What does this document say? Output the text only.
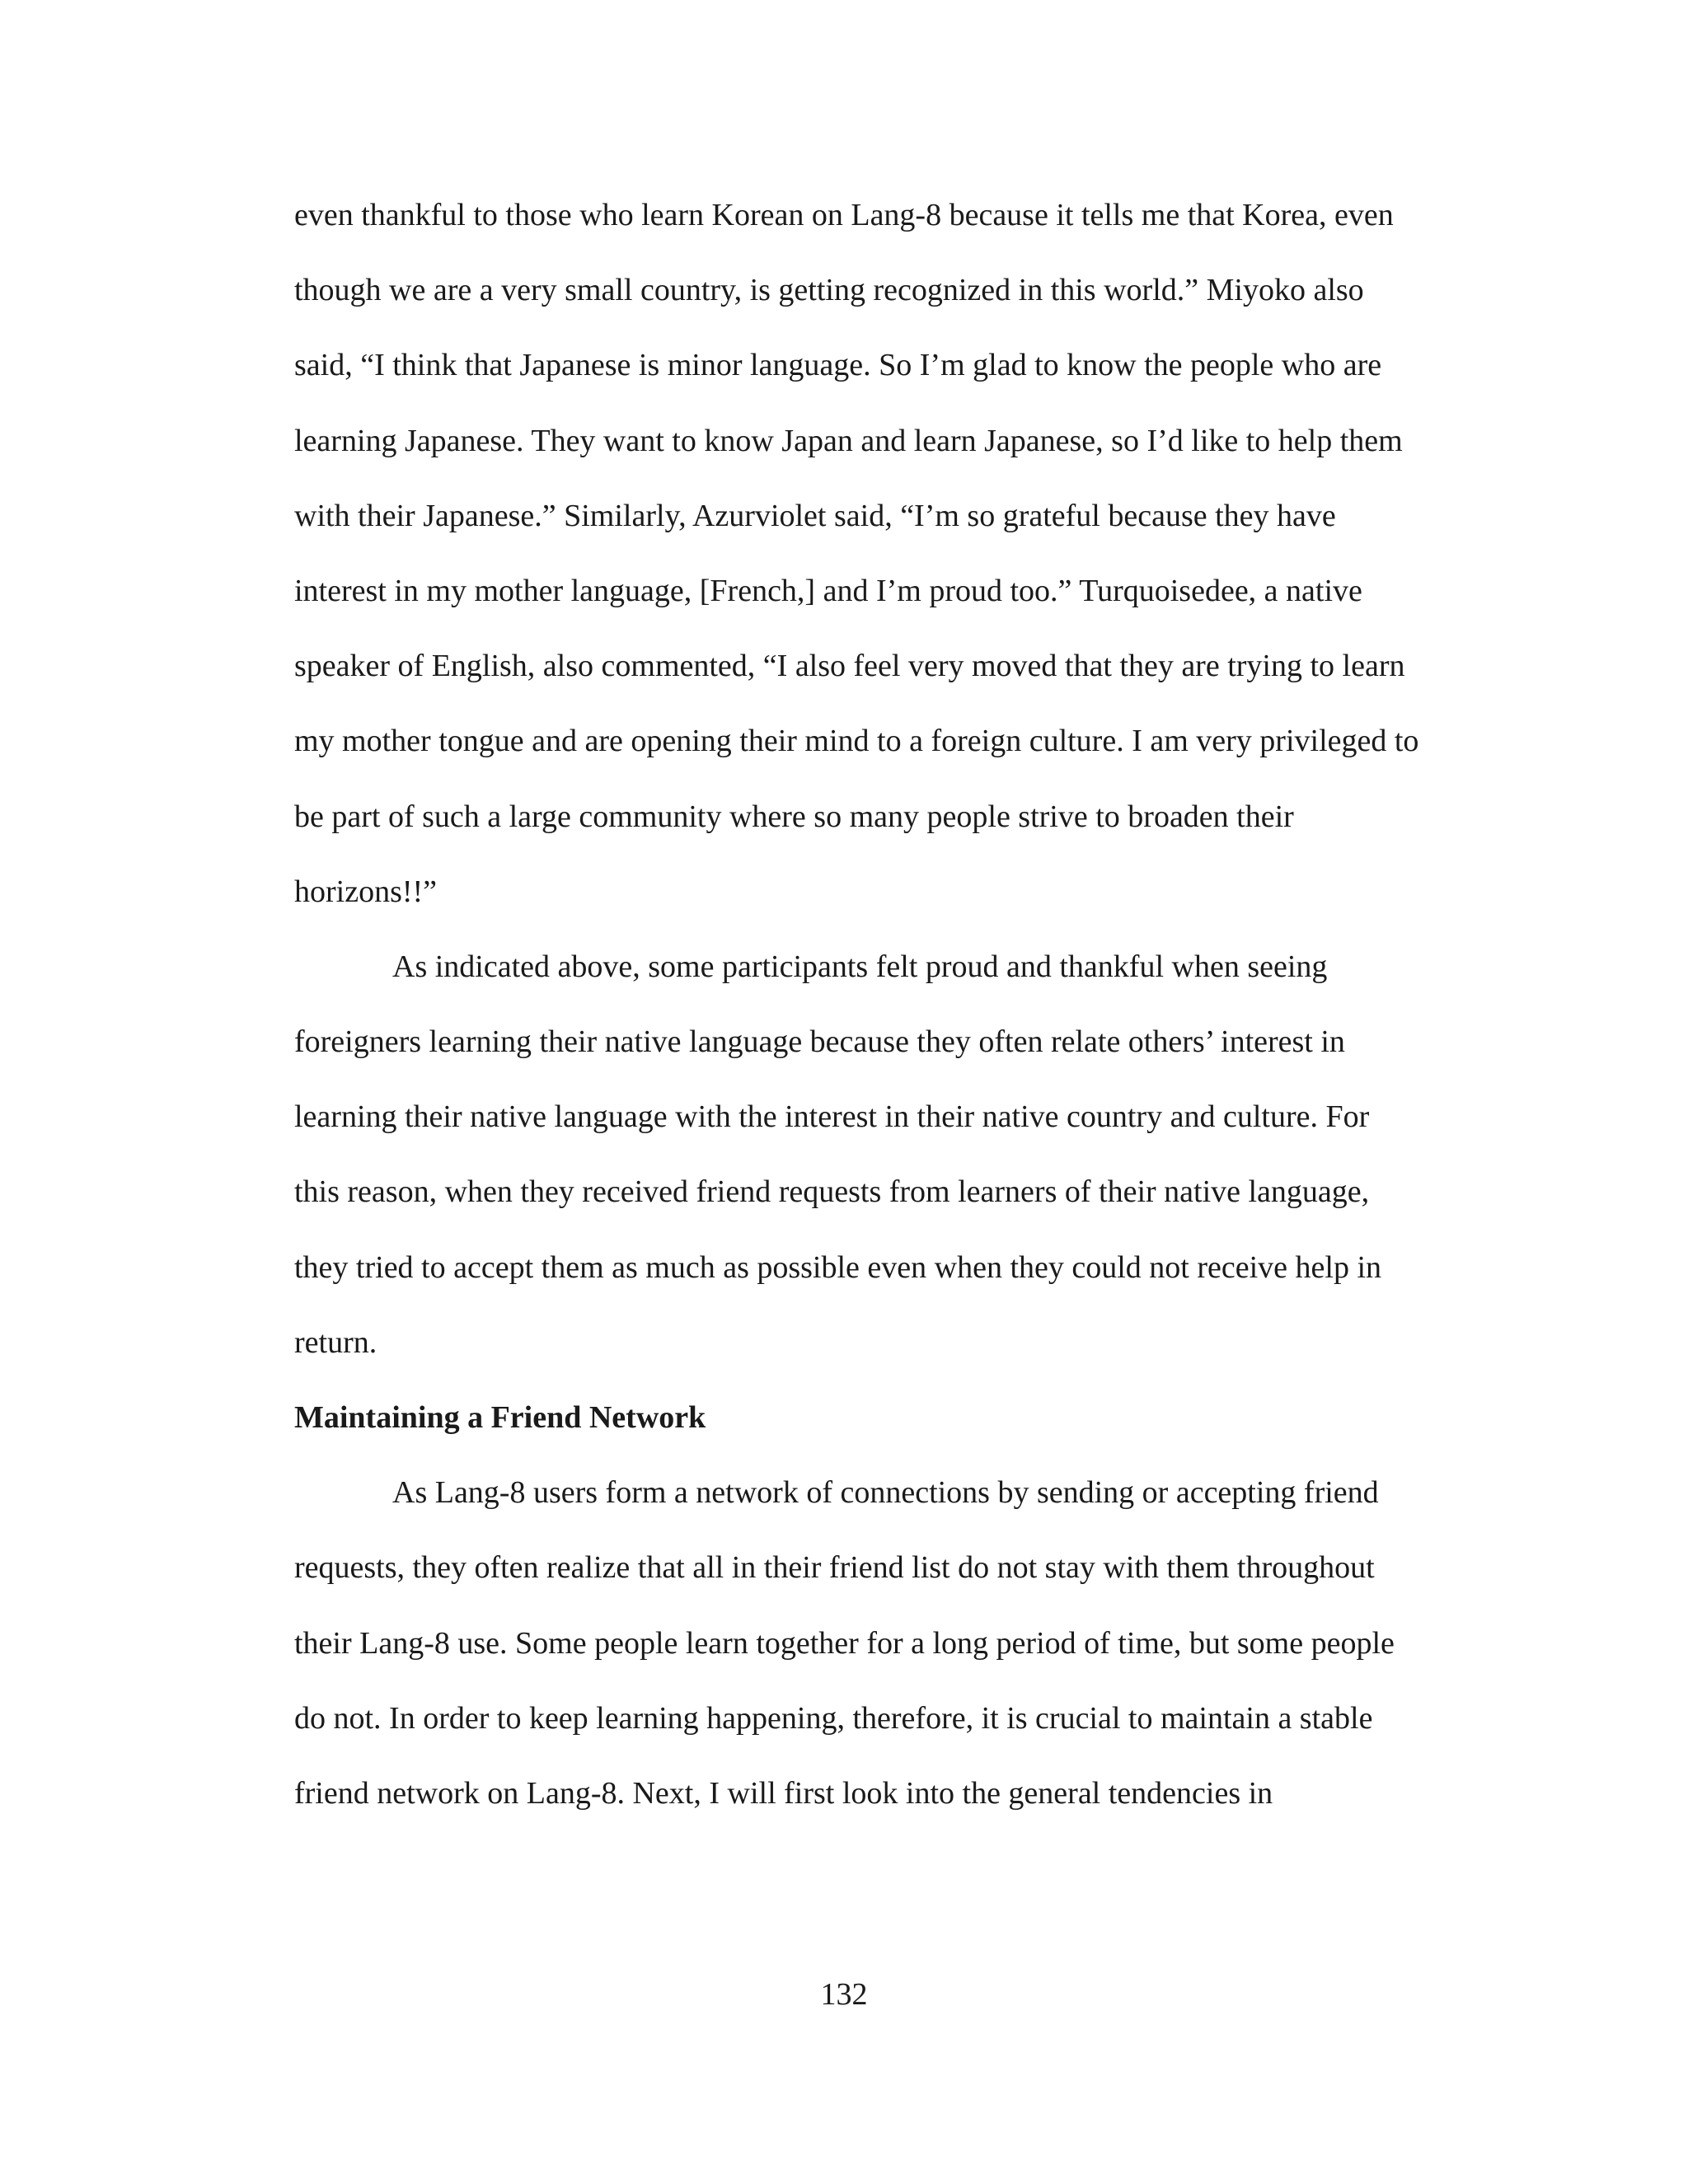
even thankful to those who learn Korean on Lang-8 because it tells me that Korea, even
though we are a very small country, is getting recognized in this world.” Miyoko also
said, “I think that Japanese is minor language. So I’m glad to know the people who are
learning Japanese. They want to know Japan and learn Japanese, so I’d like to help them
with their Japanese.” Similarly, Azurviolet said, “I’m so grateful because they have
interest in my mother language, [French,] and I’m proud too.” Turquoisedee, a native
speaker of English, also commented, “I also feel very moved that they are trying to learn
my mother tongue and are opening their mind to a foreign culture. I am very privileged to
be part of such a large community where so many people strive to broaden their
horizons!!”
As indicated above, some participants felt proud and thankful when seeing
foreigners learning their native language because they often relate others’ interest in
learning their native language with the interest in their native country and culture. For
this reason, when they received friend requests from learners of their native language,
they tried to accept them as much as possible even when they could not receive help in
return.
Maintaining a Friend Network
As Lang-8 users form a network of connections by sending or accepting friend
requests, they often realize that all in their friend list do not stay with them throughout
their Lang-8 use. Some people learn together for a long period of time, but some people
do not. In order to keep learning happening, therefore, it is crucial to maintain a stable
friend network on Lang-8. Next, I will first look into the general tendencies in
132
